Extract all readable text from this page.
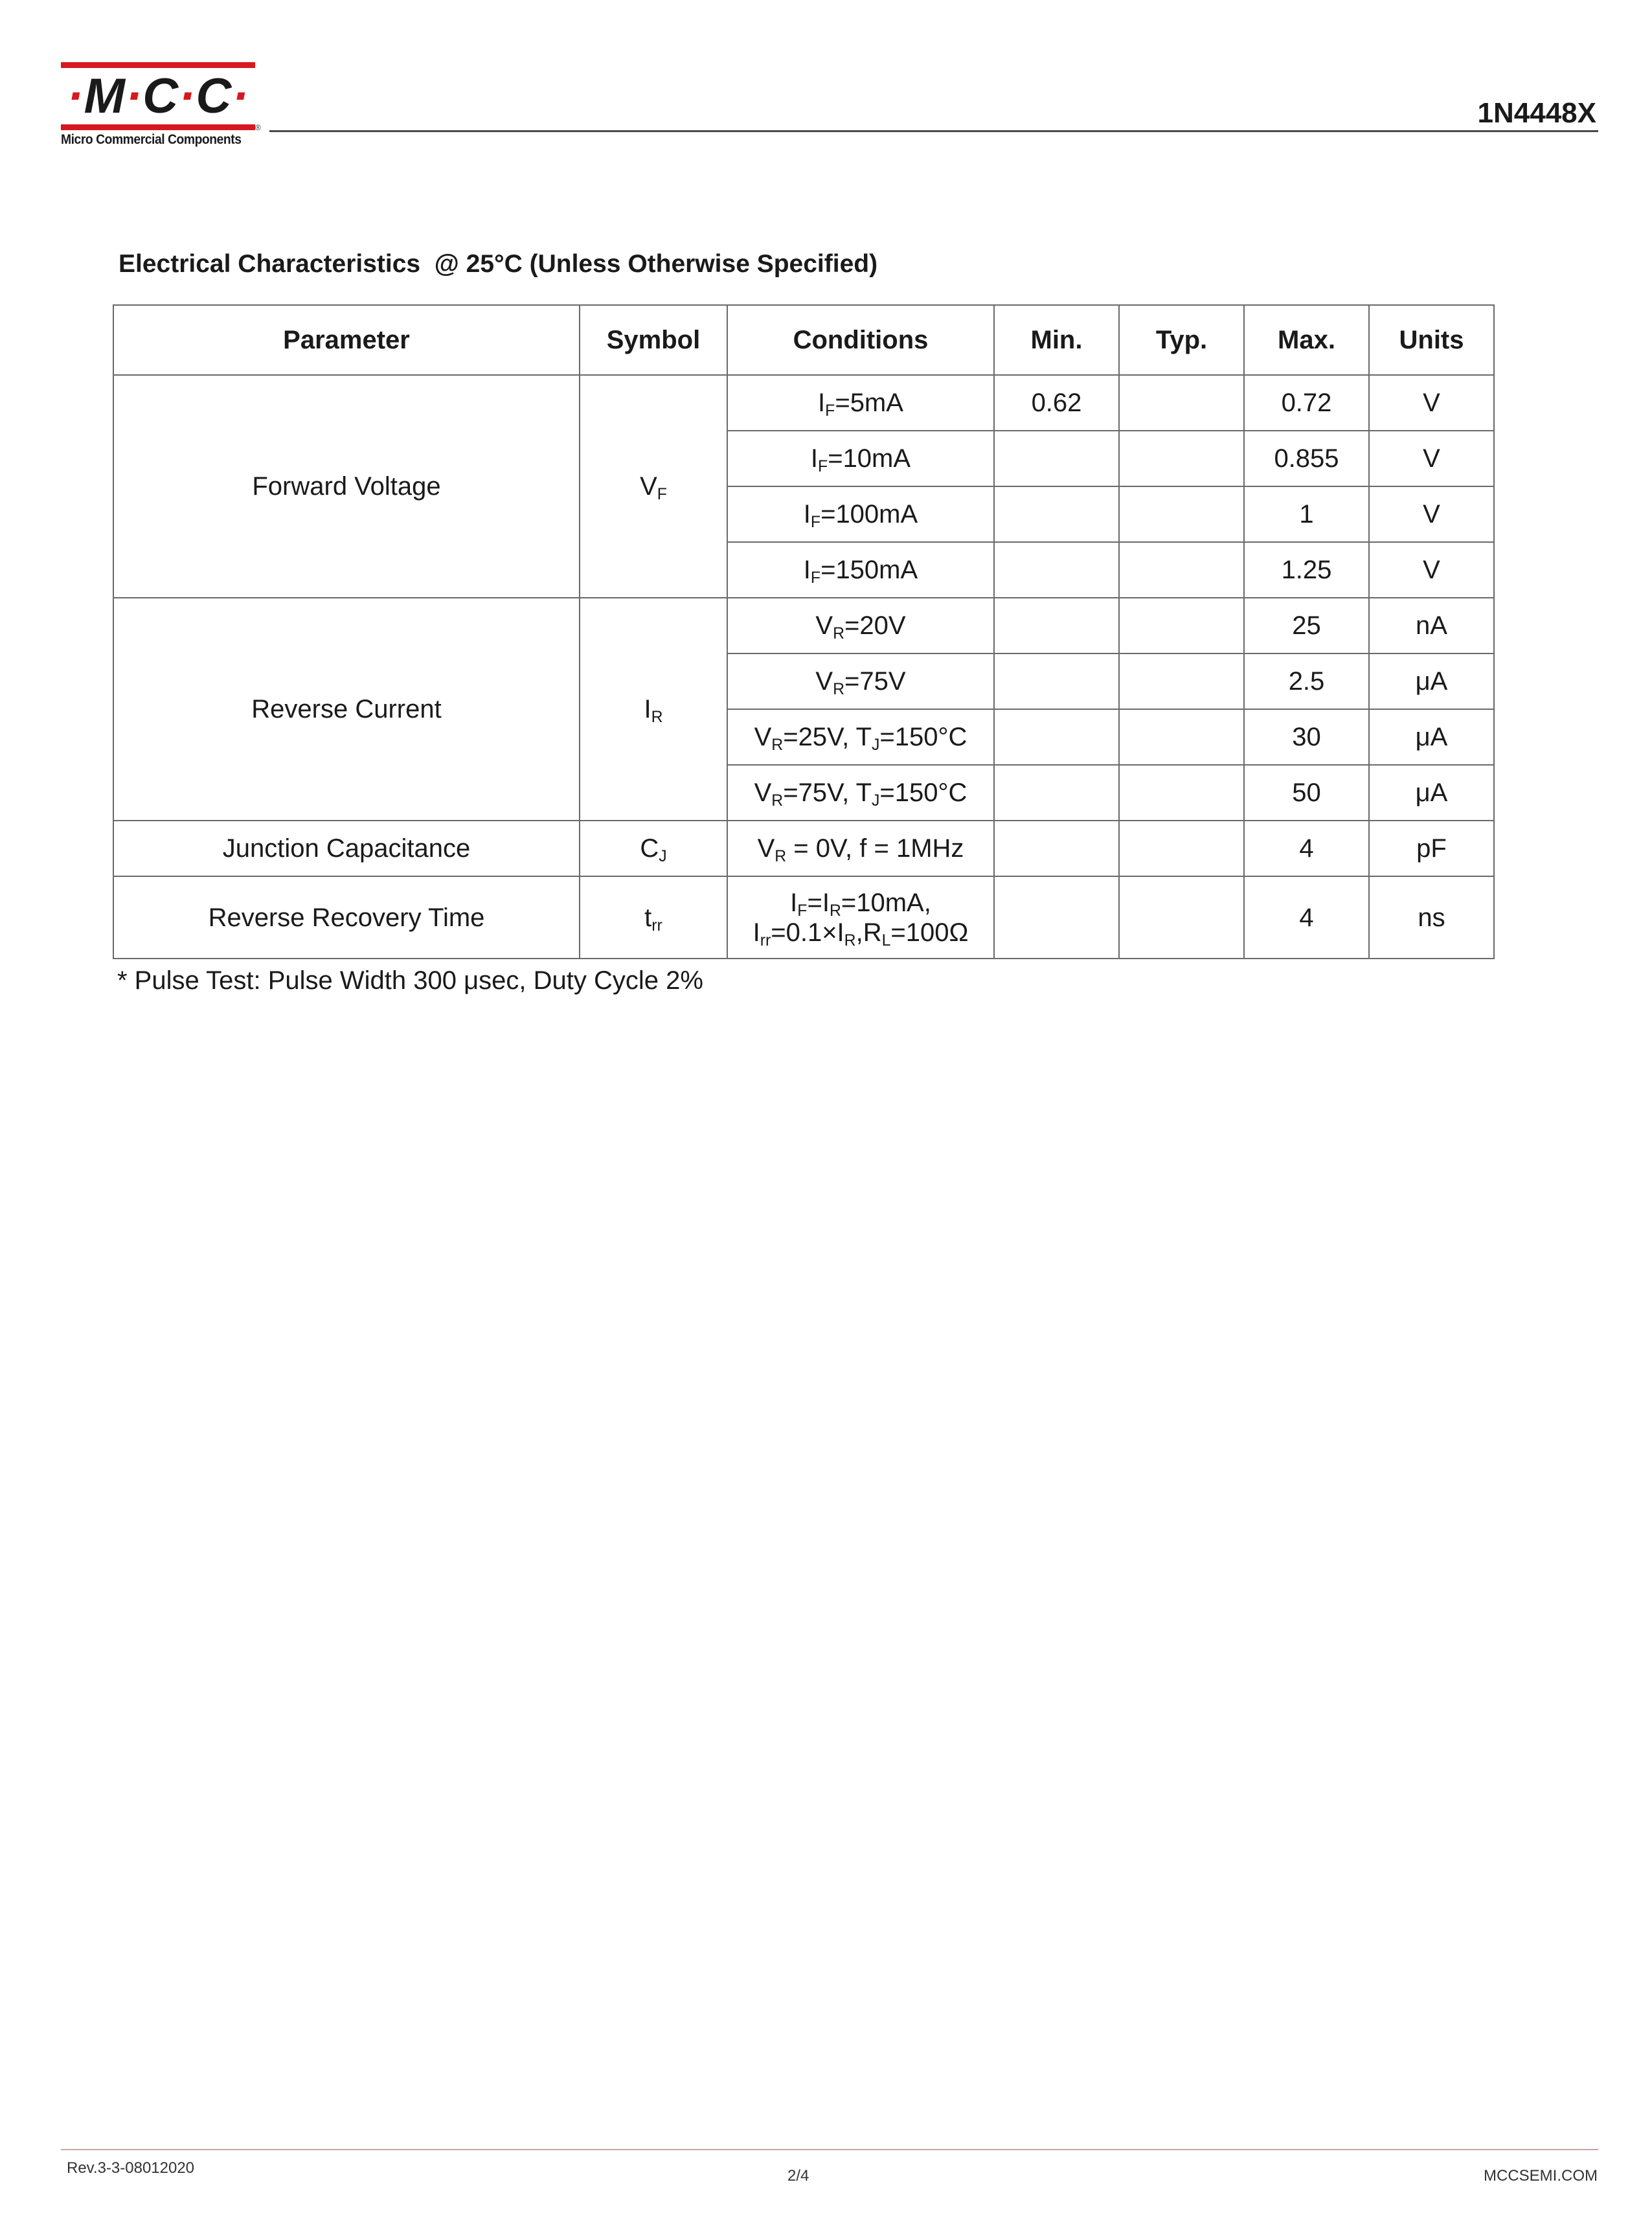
·M·C·C·
®
Micro Commercial Components
1N4448X
Electrical Characteristics  @ 25°C (Unless Otherwise Specified)
Parameter	Symbol	Conditions	Min.	Typ.	Max.	Units
Forward Voltage	$V_F$	$I_F=5mA$	0.62		0.72	V
		$I_F=10mA$			0.855	V
		$I_F=100mA$			1	V
		$I_F=150mA$			1.25	V
Reverse Current	$I_R$	$V_R=20V$			25	nA
		$V_R=75V$			2.5	μA
		$V_R=25V$, $T_J=150^\circ C$			30	μA
		$V_R=75V$, $T_J=150^\circ C$			50	μA
Junction Capacitance	$C_J$	$V_R = 0V$, f = 1MHz			4	pF
Reverse Recovery Time	$t_{rr}$	$I_F=I_R=10mA$,
$I_{rr}=0.1\times I_R,R_L=100\Omega$			4	ns
* Pulse Test: Pulse Width 300 μsec, Duty Cycle 2%
Rev.3-3-08012020	2/4	MCCSEMI.COM
